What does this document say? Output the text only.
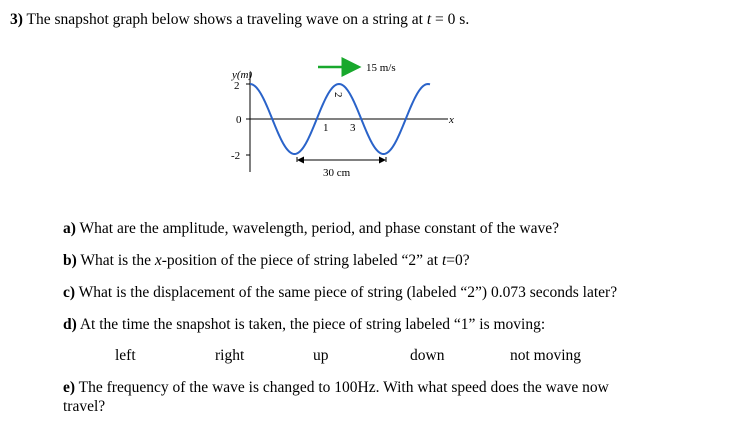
3) The snapshot graph below shows a traveling wave on a string at t = 0 s.
y(m)
2
0
-2
x
1
2
3
15 m/s
30 cm
a) What are the amplitude, wavelength, period, and phase constant of the wave?
b) What is the x-position of the piece of string labeled “2” at t=0?
c) What is the displacement of the same piece of string (labeled “2”) 0.073 seconds later?
d) At the time the snapshot is taken, the piece of string labeled “1” is moving:
left	right	up	down	not moving
e) The frequency of the wave is changed to 100Hz. With what speed does the wave now
travel?
